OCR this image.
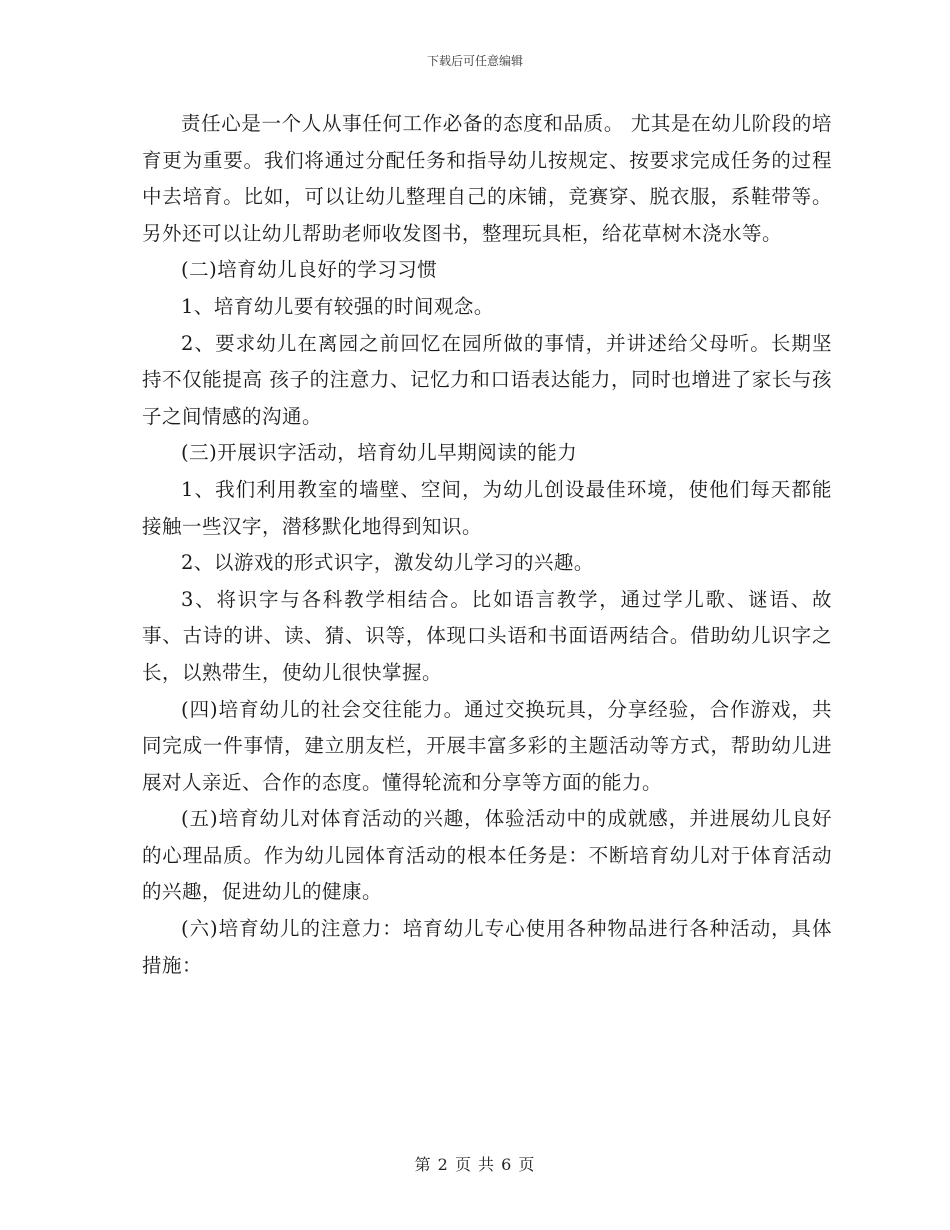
下载后可任意编辑

责任心是一个人从事任何工作必备的态度和品质。 尤其是在幼儿阶段的培育更为重要。我们将通过分配任务和指导幼儿按规定、按要求完成任务的过程中去培育。比如，可以让幼儿整理自己的床铺，竞赛穿、脱衣服，系鞋带等。另外还可以让幼儿帮助老师收发图书，整理玩具柜，给花草树木浇水等。

(二)培育幼儿良好的学习习惯

1、培育幼儿要有较强的时间观念。

2、要求幼儿在离园之前回忆在园所做的事情，并讲述给父母听。长期坚持不仅能提高 孩子的注意力、记忆力和口语表达能力，同时也增进了家长与孩子之间情感的沟通。

(三)开展识字活动，培育幼儿早期阅读的能力

1、我们利用教室的墙壁、空间，为幼儿创设最佳环境，使他们每天都能接触一些汉字，潜移默化地得到知识。

2、以游戏的形式识字，激发幼儿学习的兴趣。

3、将识字与各科教学相结合。比如语言教学，通过学儿歌、谜语、故事、古诗的讲、读、猜、识等，体现口头语和书面语两结合。借助幼儿识字之长，以熟带生，使幼儿很快掌握。

(四)培育幼儿的社会交往能力。通过交换玩具，分享经验，合作游戏，共同完成一件事情，建立朋友栏，开展丰富多彩的主题活动等方式，帮助幼儿进展对人亲近、合作的态度。懂得轮流和分享等方面的能力。

(五)培育幼儿对体育活动的兴趣，体验活动中的成就感，并进展幼儿良好的心理品质。作为幼儿园体育活动的根本任务是：不断培育幼儿对于体育活动的兴趣，促进幼儿的健康。

(六)培育幼儿的注意力：培育幼儿专心使用各种物品进行各种活动，具体措施：

第 2 页 共 6 页
